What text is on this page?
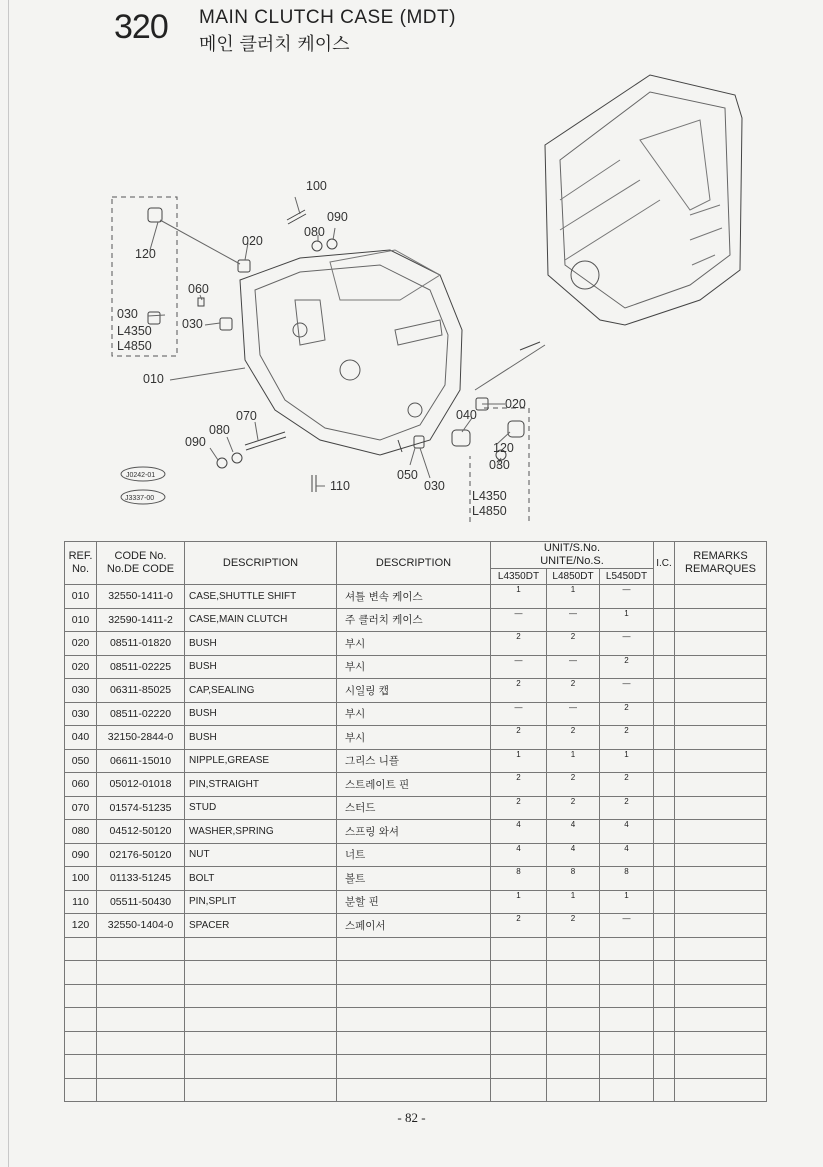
320 MAIN CLUTCH CASE (MDT)
메인 클러치 케이스
100
090
080
020
120
060
030
L4350
L4850
030
010
070
080
090
040
020
120
030
L4350
L4850
050
030
110
J0242-01
J3337-00
REF.
No.	CODE No.
No.DE CODE	DESCRIPTION	DESCRIPTION	UNIT/S.No.
UNITE/No.S.			I.C.	REMARKS
REMARQUES
				L4350DT	L4850DT	L5450DT		
010	32550-1411-0	CASE,SHUTTLE SHIFT	셔틀 변속 케이스	1	1	—		
010	32590-1411-2	CASE,MAIN CLUTCH	주 클러치 케이스	—	—	1		
020	08511-01820	BUSH	부시	2	2	—		
020	08511-02225	BUSH	부시	—	—	2		
030	06311-85025	CAP,SEALING	시일링 캡	2	2	—		
030	08511-02220	BUSH	부시	—	—	2		
040	32150-2844-0	BUSH	부시	2	2	2		
050	06611-15010	NIPPLE,GREASE	그리스 니플	1	1	1		
060	05012-01018	PIN,STRAIGHT	스트레이트 핀	2	2	2		
070	01574-51235	STUD	스터드	2	2	2		
080	04512-50120	WASHER,SPRING	스프링 와셔	4	4	4		
090	02176-50120	NUT	너트	4	4	4		
100	01133-51245	BOLT	볼트	8	8	8		
110	05511-50430	PIN,SPLIT	분할 핀	1	1	1		
120	32550-1404-0	SPACER	스페이서	2	2	—		

- 82 -
